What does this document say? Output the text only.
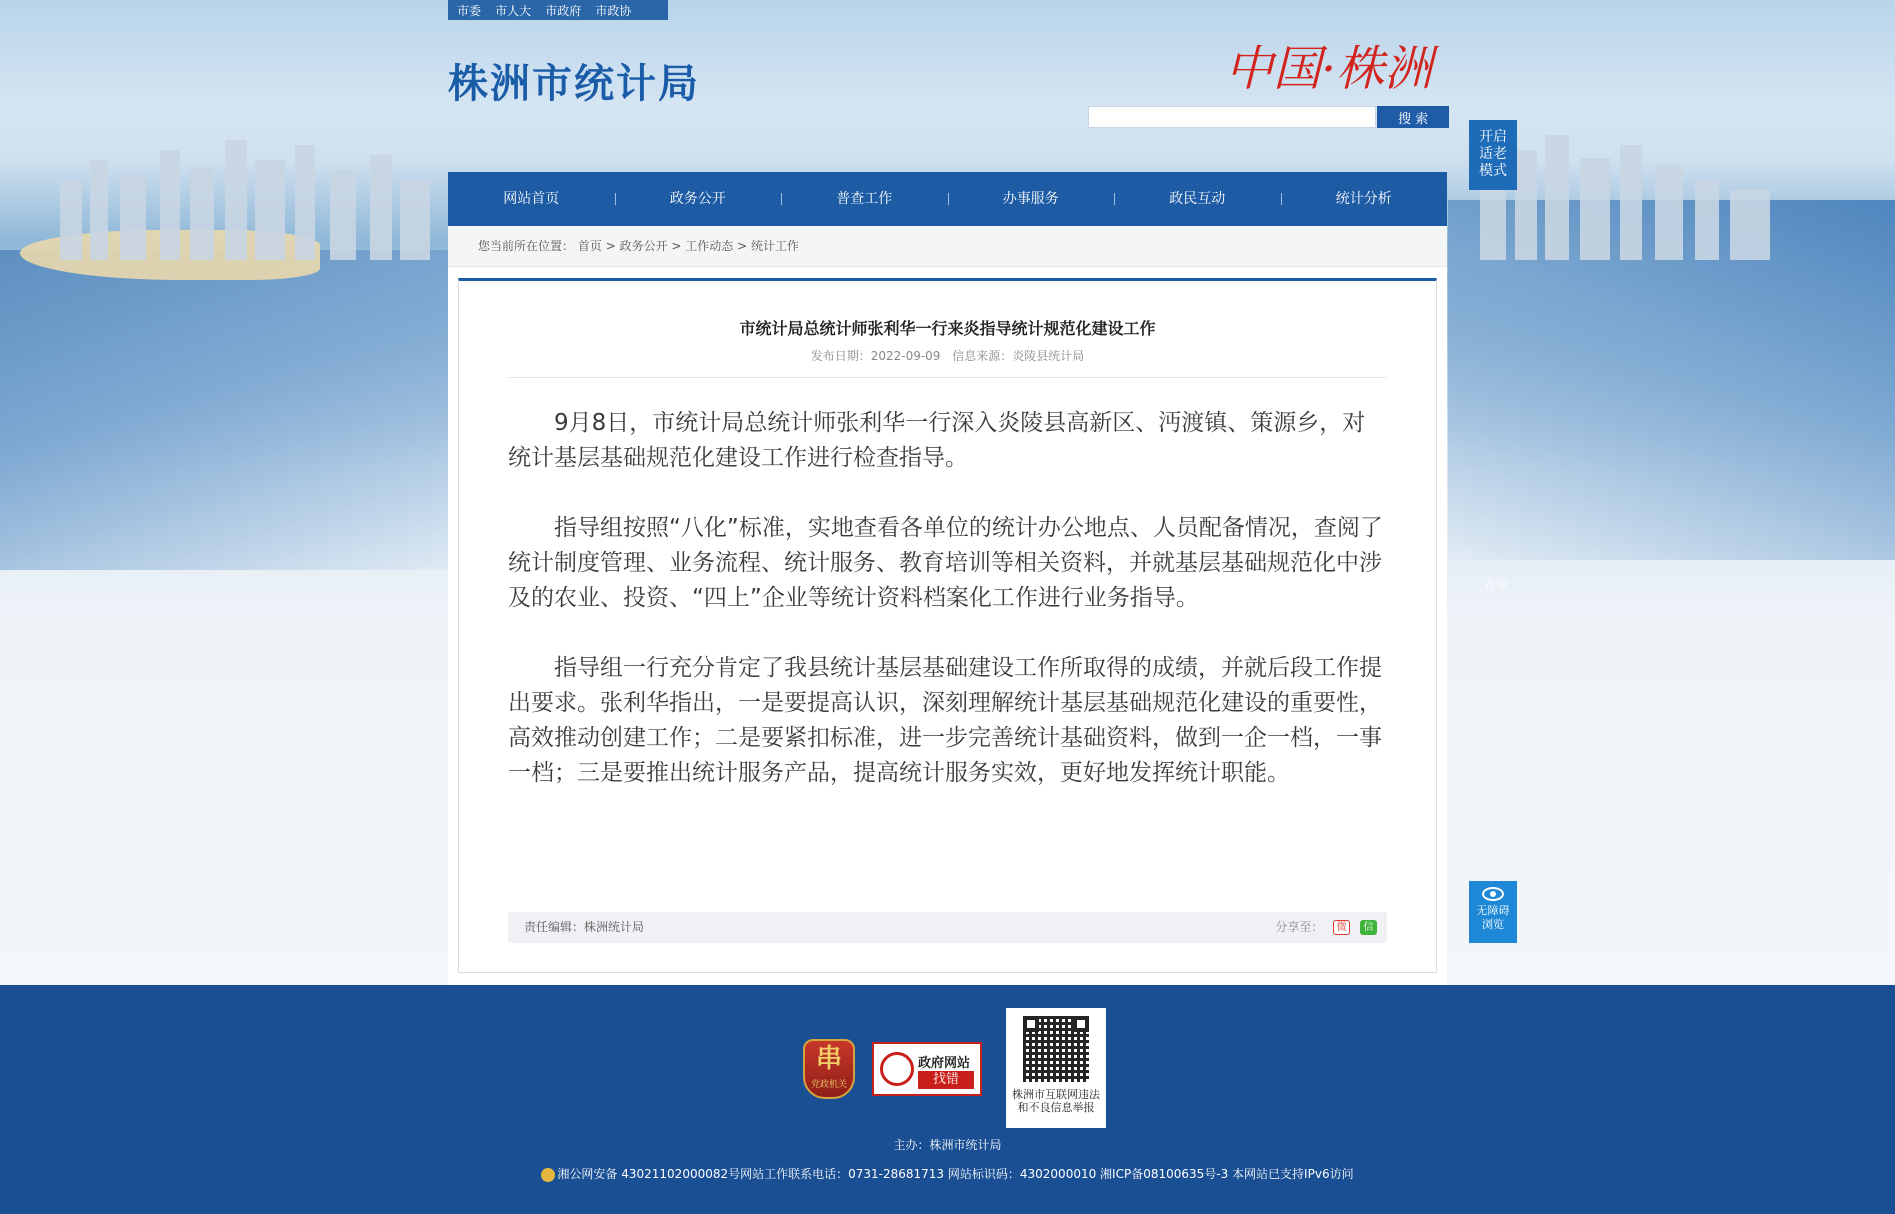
市委 市人大 市政府 市政协
株洲市统计局	中国·株洲
搜 索
开启
适老
模式
在审
无障碍
浏览
网站首页	政务公开	普查工作	办事服务	政民互动	统计分析
您当前所在位置： 首页 > 政务公开 > 工作动态 > 统计工作
市统计局总统计师张利华一行来炎指导统计规范化建设工作
发布日期：2022-09-09 信息来源：炎陵县统计局

9月8日，市统计局总统计师张利华一行深入炎陵县高新区、沔渡镇、策源乡，对统计基层基础规范化建设工作进行检查指导。

指导组按照“八化”标准，实地查看各单位的统计办公地点、人员配备情况，查阅了统计制度管理、业务流程、统计服务、教育培训等相关资料，并就基层基础规范化中涉及的农业、投资、“四上”企业等统计资料档案化工作进行业务指导。

指导组一行充分肯定了我县统计基层基础建设工作所取得的成绩，并就后段工作提出要求。张利华指出，一是要提高认识，深刻理解统计基层基础规范化建设的重要性，高效推动创建工作；二是要紧扣标准，进一步完善统计基础资料，做到一企一档，一事一档；三是要推出统计服务产品，提高统计服务实效，更好地发挥统计职能。

责任编辑：株洲统计局	分享至： 微 信
串
党政机关
政府网站
找错
株洲市互联网违法
和不良信息举报
主办：株洲市统计局
湘公网安备 43021102000082号网站工作联系电话：0731-28681713 网站标识码：4302000010 湘ICP备08100635号-3 本网站已支持IPv6访问
